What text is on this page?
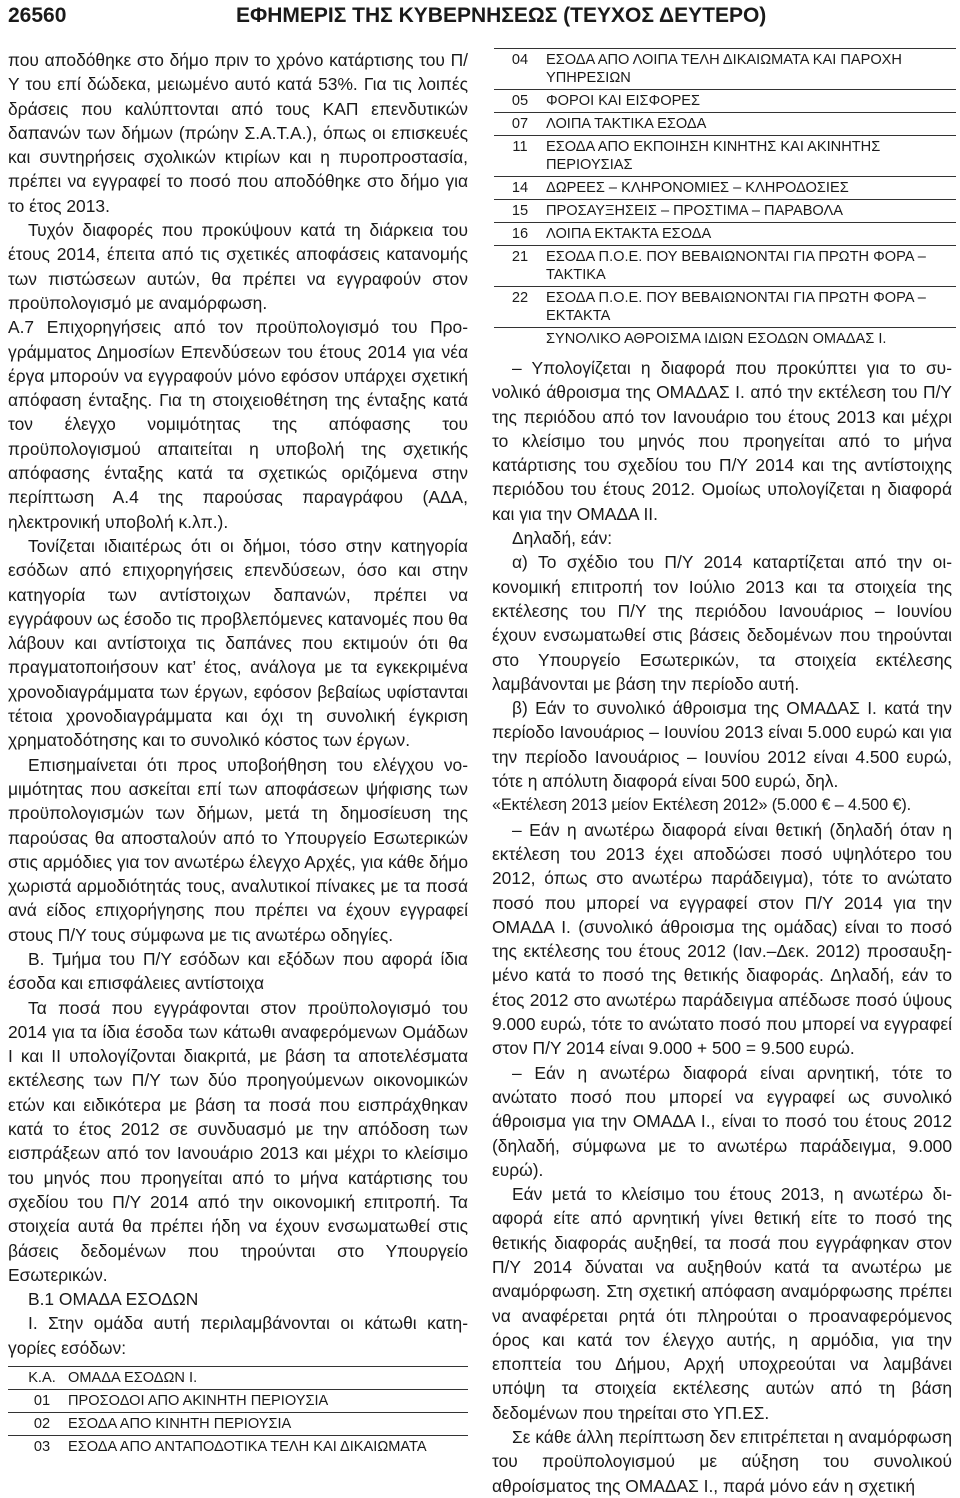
26560	ΕΦΗΜΕΡΙΣ ΤΗΣ ΚΥΒΕΡΝΗΣΕΩΣ (ΤΕΥΧΟΣ ΔΕΥΤΕΡΟ)

που αποδόθηκε στο δήμο πριν το χρόνο κατάρτισης του Π/Υ του επί δώδεκα, μειωμένο αυτό κατά 53%. Για τις λοιπές δράσεις που καλύπτονται από τους ΚΑΠ επενδυτικών δαπανών των δήμων (πρώην Σ.Α.Τ.Α.), όπως οι επισκευές και συντηρήσεις σχολικών κτιρίων και η πυροπροστασία, πρέπει να εγγραφεί το ποσό που αποδόθηκε στο δήμο για το έτος 2013.

Τυχόν διαφορές που προκύψουν κατά τη διάρκεια του έτους 2014, έπειτα από τις σχετικές αποφάσεις κατανομής των πιστώσεων αυτών, θα πρέπει να εγγραφούν στον προϋπολογισμό με αναμόρφωση.

Α.7 Επιχορηγήσεις από τον προϋπολογισμό του Προγράμματος Δημοσίων Επενδύσεων του έτους 2014 για νέα έργα μπορούν να εγγραφούν μόνο εφόσον υπάρχει σχετική απόφαση ένταξης. Για τη στοιχειοθέτηση της ένταξης κατά τον έλεγχο νομιμότητας της απόφασης του προϋπολογισμού απαιτείται η υποβολή της σχετικής απόφασης ένταξης κατά τα σχετικώς οριζόμενα στην περίπτωση Α.4 της παρούσας παραγράφου (ΑΔΑ, ηλεκτρονική υποβολή κ.λπ.).

Τονίζεται ιδιαιτέρως ότι οι δήμοι, τόσο στην κατηγορία εσόδων από επιχορηγήσεις επενδύσεων, όσο και στην κατηγορία των αντίστοιχων δαπανών, πρέπει να εγγράφουν ως έσοδο τις προβλεπόμενες κατανομές που θα λάβουν και αντίστοιχα τις δαπάνες που εκτιμούν ότι θα πραγματοποιήσουν κατ’ έτος, ανάλογα με τα εγκεκριμένα χρονοδιαγράμματα των έργων, εφόσον βεβαίως υφίστανται τέτοια χρονοδιαγράμματα και όχι τη συνολική έγκριση χρηματοδότησης και το συνολικό κόστος των έργων.

Επισημαίνεται ότι προς υποβοήθηση του ελέγχου νομιμότητας που ασκείται επί των αποφάσεων ψήφισης των προϋπολογισμών των δήμων, μετά τη δημοσίευση της παρούσας θα αποσταλούν από το Υπουργείο Εσωτερικών στις αρμόδιες για τον ανωτέρω έλεγχο Αρχές, για κάθε δήμο χωριστά αρμοδιότητάς τους, αναλυτικοί πίνακες με τα ποσά ανά είδος επιχορήγησης που πρέπει να έχουν εγγραφεί στους Π/Υ τους σύμφωνα με τις ανωτέρω οδηγίες.

Β. Τμήμα του Π/Υ εσόδων και εξόδων που αφορά ίδια έσοδα και επισφάλειες αντίστοιχα

Τα ποσά που εγγράφονται στον προϋπολογισμό του 2014 για τα ίδια έσοδα των κάτωθι αναφερόμενων Ομάδων Ι και ΙΙ υπολογίζονται διακριτά, με βάση τα αποτελέσματα εκτέλεσης των Π/Υ των δύο προηγούμενων οικονομικών ετών και ειδικότερα με βάση τα ποσά που εισπράχθηκαν κατά το έτος 2012 σε συνδυασμό με την απόδοση των εισπράξεων από τον Ιανουάριο 2013 και μέχρι το κλείσιμο του μηνός που προηγείται από το μήνα κατάρτισης του σχεδίου του Π/Υ 2014 από την οικονομική επιτροπή. Τα στοιχεία αυτά θα πρέπει ήδη να έχουν ενσωματωθεί στις βάσεις δεδομένων που τηρούνται στο Υπουργείο Εσωτερικών.

Β.1 ΟΜΑΔΑ ΕΣΟΔΩΝ

Ι. Στην ομάδα αυτή περιλαμβάνονται οι κάτωθι κατηγορίες εσόδων:

Κ.Α.	ΟΜΑΔΑ ΕΣΟΔΩΝ Ι.
01	ΠΡΟΣΟΔΟΙ ΑΠΟ ΑΚΙΝΗΤΗ ΠΕΡΙΟΥΣΙΑ
02	ΕΣΟΔΑ ΑΠΟ ΚΙΝΗΤΗ ΠΕΡΙΟΥΣΙΑ
03	ΕΣΟΔΑ ΑΠΟ ΑΝΤΑΠΟΔΟΤΙΚΑ ΤΕΛΗ ΚΑΙ ΔΙΚΑΙΩΜΑΤΑ
04	ΕΣΟΔΑ ΑΠΟ ΛΟΙΠΑ ΤΕΛΗ ΔΙΚΑΙΩΜΑΤΑ ΚΑΙ ΠΑΡΟΧΗ ΥΠΗΡΕΣΙΩΝ
05	ΦΟΡΟΙ ΚΑΙ ΕΙΣΦΟΡΕΣ
07	ΛΟΙΠΑ ΤΑΚΤΙΚΑ ΕΣΟΔΑ
11	ΕΣΟΔΑ ΑΠΟ ΕΚΠΟΙΗΣΗ ΚΙΝΗΤΗΣ ΚΑΙ ΑΚΙΝΗΤΗΣ ΠΕΡΙΟΥΣΙΑΣ
14	ΔΩΡΕΕΣ – ΚΛΗΡΟΝΟΜΙΕΣ – ΚΛΗΡΟΔΟΣΙΕΣ
15	ΠΡΟΣΑΥΞΗΣΕΙΣ – ΠΡΟΣΤΙΜΑ – ΠΑΡΑΒΟΛΑ
16	ΛΟΙΠΑ ΕΚΤΑΚΤΑ ΕΣΟΔΑ
21	ΕΣΟΔΑ Π.Ο.Ε. ΠΟΥ ΒΕΒΑΙΩΝΟΝΤΑΙ ΓΙΑ ΠΡΩΤΗ ΦΟΡΑ – ΤΑΚΤΙΚΑ
22	ΕΣΟΔΑ Π.Ο.Ε. ΠΟΥ ΒΕΒΑΙΩΝΟΝΤΑΙ ΓΙΑ ΠΡΩΤΗ ΦΟΡΑ – ΕΚΤΑΚΤΑ
	ΣΥΝΟΛΙΚΟ ΑΘΡΟΙΣΜΑ ΙΔΙΩΝ ΕΣΟΔΩΝ ΟΜΑΔΑΣ Ι.

– Υπολογίζεται η διαφορά που προκύπτει για το συνολικό άθροισμα της ΟΜΑΔΑΣ Ι. από την εκτέλεση του Π/Υ της περιόδου από τον Ιανουάριο του έτους 2013 και μέχρι το κλείσιμο του μηνός που προηγείται από το μήνα κατάρτισης του σχεδίου του Π/Υ 2014 και της αντίστοιχης περιόδου του έτους 2012. Ομοίως υπολογίζεται η διαφορά και για την ΟΜΑΔΑ ΙΙ.

Δηλαδή, εάν:

α) Το σχέδιο του Π/Υ 2014 καταρτίζεται από την οικονομική επιτροπή τον Ιούλιο 2013 και τα στοιχεία της εκτέλεσης του Π/Υ της περιόδου Ιανουάριος – Ιουνίου έχουν ενσωματωθεί στις βάσεις δεδομένων που τηρούνται στο Υπουργείο Εσωτερικών, τα στοιχεία εκτέλεσης λαμβάνονται με βάση την περίοδο αυτή.

β) Εάν το συνολικό άθροισμα της ΟΜΑΔΑΣ Ι. κατά την περίοδο Ιανουάριος – Ιουνίου 2013 είναι 5.000 ευρώ και για την περίοδο Ιανουάριος – Ιουνίου 2012 είναι 4.500 ευρώ, τότε η απόλυτη διαφορά είναι 500 ευρώ, δηλ.

«Εκτέλεση 2013 μείον Εκτέλεση 2012» (5.000 € – 4.500 €).

– Εάν η ανωτέρω διαφορά είναι θετική (δηλαδή όταν η εκτέλεση του 2013 έχει αποδώσει ποσό υψηλότερο του 2012, όπως στο ανωτέρω παράδειγμα), τότε το ανώτατο ποσό που μπορεί να εγγραφεί στον Π/Υ 2014 για την ΟΜΑΔΑ Ι. (συνολικό άθροισμα της ομάδας) είναι το ποσό της εκτέλεσης του έτους 2012 (Ιαν.–Δεκ. 2012) προσαυξημένο κατά το ποσό της θετικής διαφοράς. Δηλαδή, εάν το έτος 2012 στο ανωτέρω παράδειγμα απέδωσε ποσό ύψους 9.000 ευρώ, τότε το ανώτατο ποσό που μπορεί να εγγραφεί στον Π/Υ 2014 είναι 9.000 + 500 = 9.500 ευρώ.

– Εάν η ανωτέρω διαφορά είναι αρνητική, τότε το ανώτατο ποσό που μπορεί να εγγραφεί ως συνολικό άθροισμα για την ΟΜΑΔΑ Ι., είναι το ποσό του έτους 2012 (δηλαδή, σύμφωνα με το ανωτέρω παράδειγμα, 9.000 ευρώ).

Εάν μετά το κλείσιμο του έτους 2013, η ανωτέρω διαφορά είτε από αρνητική γίνει θετική είτε το ποσό της θετικής διαφοράς αυξηθεί, τα ποσά που εγγράφηκαν στον Π/Υ 2014 δύναται να αυξηθούν κατά τα ανωτέρω με αναμόρφωση. Στη σχετική απόφαση αναμόρφωσης πρέπει να αναφέρεται ρητά ότι πληρούται ο προαναφερόμενος όρος και κατά τον έλεγχο αυτής, η αρμόδια, για την εποπτεία του Δήμου, Αρχή υποχρεούται να λαμβάνει υπόψη τα στοιχεία εκτέλεσης αυτών από τη βάση δεδομένων που τηρείται στο ΥΠ.ΕΣ.

Σε κάθε άλλη περίπτωση δεν επιτρέπεται η αναμόρφωση του προϋπολογισμού με αύξηση του συνολικού αθροίσματος της ΟΜΑΔΑΣ Ι., παρά μόνο εάν η σχετική
